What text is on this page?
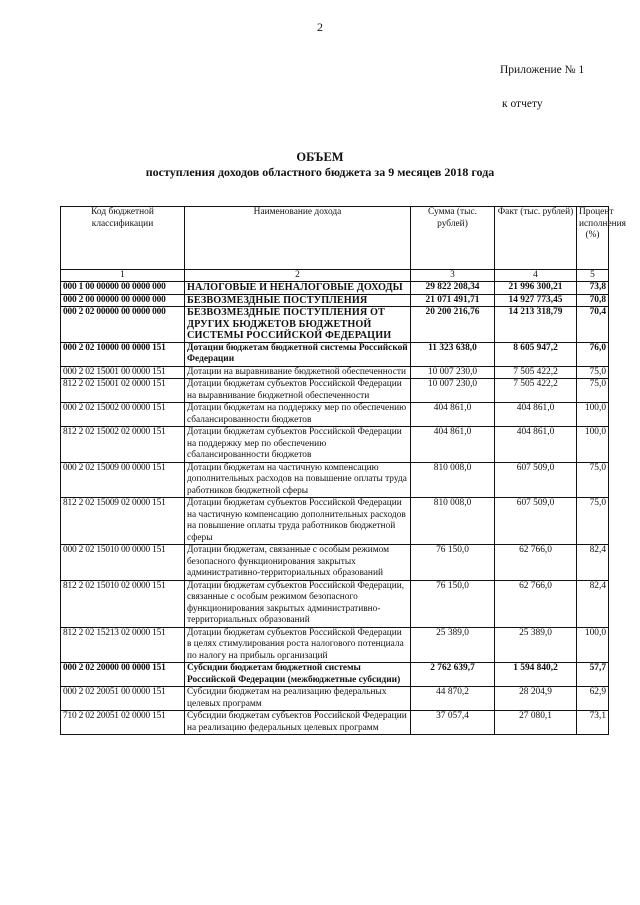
2
Приложение № 1
к отчету
ОБЪЕМ
поступления доходов областного бюджета за 9 месяцев 2018 года
Код бюджетной классификации	Наименование дохода	Сумма (тыс. рублей)	Факт (тыс. рублей)	Процент исполнения (%)
1	2	3	4	5
000 1 00 00000 00 0000 000	НАЛОГОВЫЕ И НЕНАЛОГОВЫЕ ДОХОДЫ	29 822 208,34	21 996 300,21	73,8
000 2 00 00000 00 0000 000	БЕЗВОЗМЕЗДНЫЕ ПОСТУПЛЕНИЯ	21 071 491,71	14 927 773,45	70,8
000 2 02 00000 00 0000 000	БЕЗВОЗМЕЗДНЫЕ ПОСТУПЛЕНИЯ ОТ ДРУГИХ БЮДЖЕТОВ БЮДЖЕТНОЙ СИСТЕМЫ РОССИЙСКОЙ ФЕДЕРАЦИИ	20 200 216,76	14 213 318,79	70,4
000 2 02 10000 00 0000 151	Дотации бюджетам бюджетной системы Российской Федерации	11 323 638,0	8 605 947,2	76,0
000 2 02 15001 00 0000 151	Дотации на выравнивание бюджетной обеспеченности	10 007 230,0	7 505 422,2	75,0
812 2 02 15001 02 0000 151	Дотации бюджетам субъектов Российской Федерации на выравнивание бюджетной обеспеченности	10 007 230,0	7 505 422,2	75,0
000 2 02 15002 00 0000 151	Дотации бюджетам на поддержку мер по обеспечению сбалансированности бюджетов	404 861,0	404 861,0	100,0
812 2 02 15002 02 0000 151	Дотации бюджетам субъектов Российской Федерации на поддержку мер по обеспечению сбалансированности бюджетов	404 861,0	404 861,0	100,0
000 2 02 15009 00 0000 151	Дотации бюджетам на частичную компенсацию дополнительных расходов на повышение оплаты труда работников бюджетной сферы	810 008,0	607 509,0	75,0
812 2 02 15009 02 0000 151	Дотации бюджетам субъектов Российской Федерации на частичную компенсацию дополнительных расходов на повышение оплаты труда работников бюджетной сферы	810 008,0	607 509,0	75,0
000 2 02 15010 00 0000 151	Дотации бюджетам, связанные с особым режимом безопасного функционирования закрытых административно-территориальных образований	76 150,0	62 766,0	82,4
812 2 02 15010 02 0000 151	Дотации бюджетам субъектов Российской Федерации, связанные с особым режимом безопасного функционирования закрытых административно-территориальных образований	76 150,0	62 766,0	82,4
812 2 02 15213 02 0000 151	Дотации бюджетам субъектов Российской Федерации в целях стимулирования роста налогового потенциала по налогу на прибыль организаций	25 389,0	25 389,0	100,0
000 2 02 20000 00 0000 151	Субсидии бюджетам бюджетной системы Российской Федерации (межбюджетные субсидии)	2 762 639,7	1 594 840,2	57,7
000 2 02 20051 00 0000 151	Субсидии бюджетам на реализацию федеральных целевых программ	44 870,2	28 204,9	62,9
710 2 02 20051 02 0000 151	Субсидии бюджетам субъектов Российской Федерации на реализацию федеральных целевых программ	37 057,4	27 080,1	73,1
